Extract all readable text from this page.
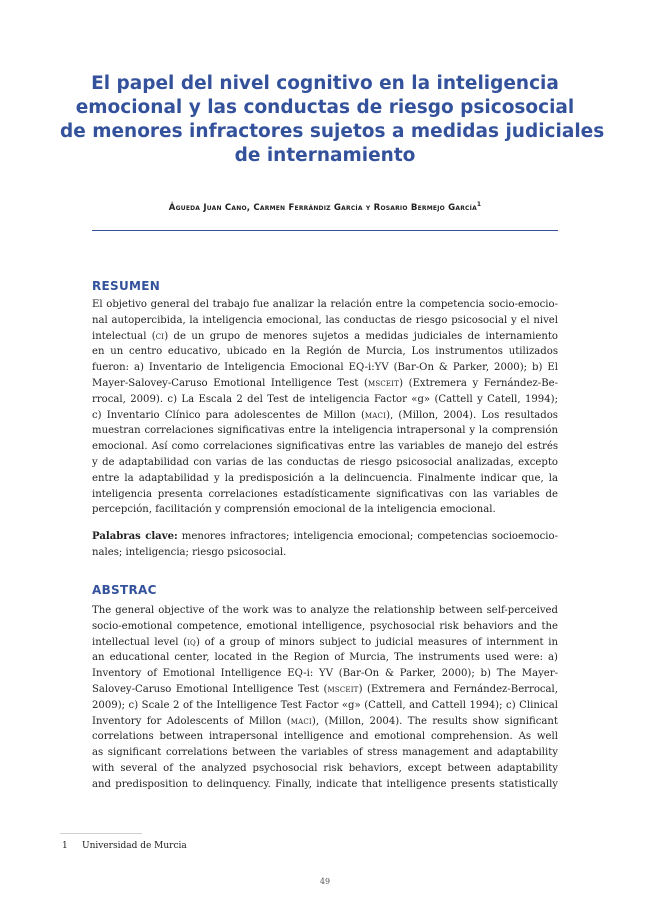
El papel del nivel cognitivo en la inteligencia
emocional y las conductas de riesgo psicosocial
de menores infractores sujetos a medidas judiciales
de internamiento
Águeda Juan Cano, Carmen Ferrándiz García y Rosario Bermejo García$^1$
RESUMEN
El objetivo general del trabajo fue analizar la relación entre la competencia socio-emocio-
nal autopercibida, la inteligencia emocional, las conductas de riesgo psicosocial y el nivel
intelectual (ci) de un grupo de menores sujetos a medidas judiciales de internamiento
en un centro educativo, ubicado en la Región de Murcia, Los instrumentos utilizados
fueron: a) Inventario de Inteligencia Emocional EQ-i:YV (Bar-On & Parker, 2000); b) El
Mayer-Salovey-Caruso Emotional Intelligence Test (msceit) (Extremera y Fernández-Be-
rrocal, 2009). c) La Escala 2 del Test de inteligencia Factor «g» (Cattell y Catell, 1994);
c) Inventario Clínico para adolescentes de Millon (maci), (Millon, 2004). Los resultados
muestran correlaciones significativas entre la inteligencia intrapersonal y la comprensión
emocional. Así como correlaciones significativas entre las variables de manejo del estrés
y de adaptabilidad con varias de las conductas de riesgo psicosocial analizadas, excepto
entre la adaptabilidad y la predisposición a la delincuencia. Finalmente indicar que, la
inteligencia presenta correlaciones estadísticamente significativas con las variables de
percepción, facilitación y comprensión emocional de la inteligencia emocional.
Palabras clave: menores infractores; inteligencia emocional; competencias socioemocio-
nales; inteligencia; riesgo psicosocial.
ABSTRAC
The general objective of the work was to analyze the relationship between self-perceived
socio-emotional competence, emotional intelligence, psychosocial risk behaviors and the
intellectual level (iq) of a group of minors subject to judicial measures of internment in
an educational center, located in the Region of Murcia, The instruments used were: a)
Inventory of Emotional Intelligence EQ-i: YV (Bar-On & Parker, 2000); b) The Mayer-
Salovey-Caruso Emotional Intelligence Test (msceit) (Extremera and Fernández-Berrocal,
2009); c) Scale 2 of the Intelligence Test Factor «g» (Cattell, and Cattell 1994); c) Clinical
Inventory for Adolescents of Millon (maci), (Millon, 2004). The results show significant
correlations between intrapersonal intelligence and emotional comprehension. As well
as significant correlations between the variables of stress management and adaptability
with several of the analyzed psychosocial risk behaviors, except between adaptability
and predisposition to delinquency. Finally, indicate that intelligence presents statistically
1 Universidad de Murcia
49
